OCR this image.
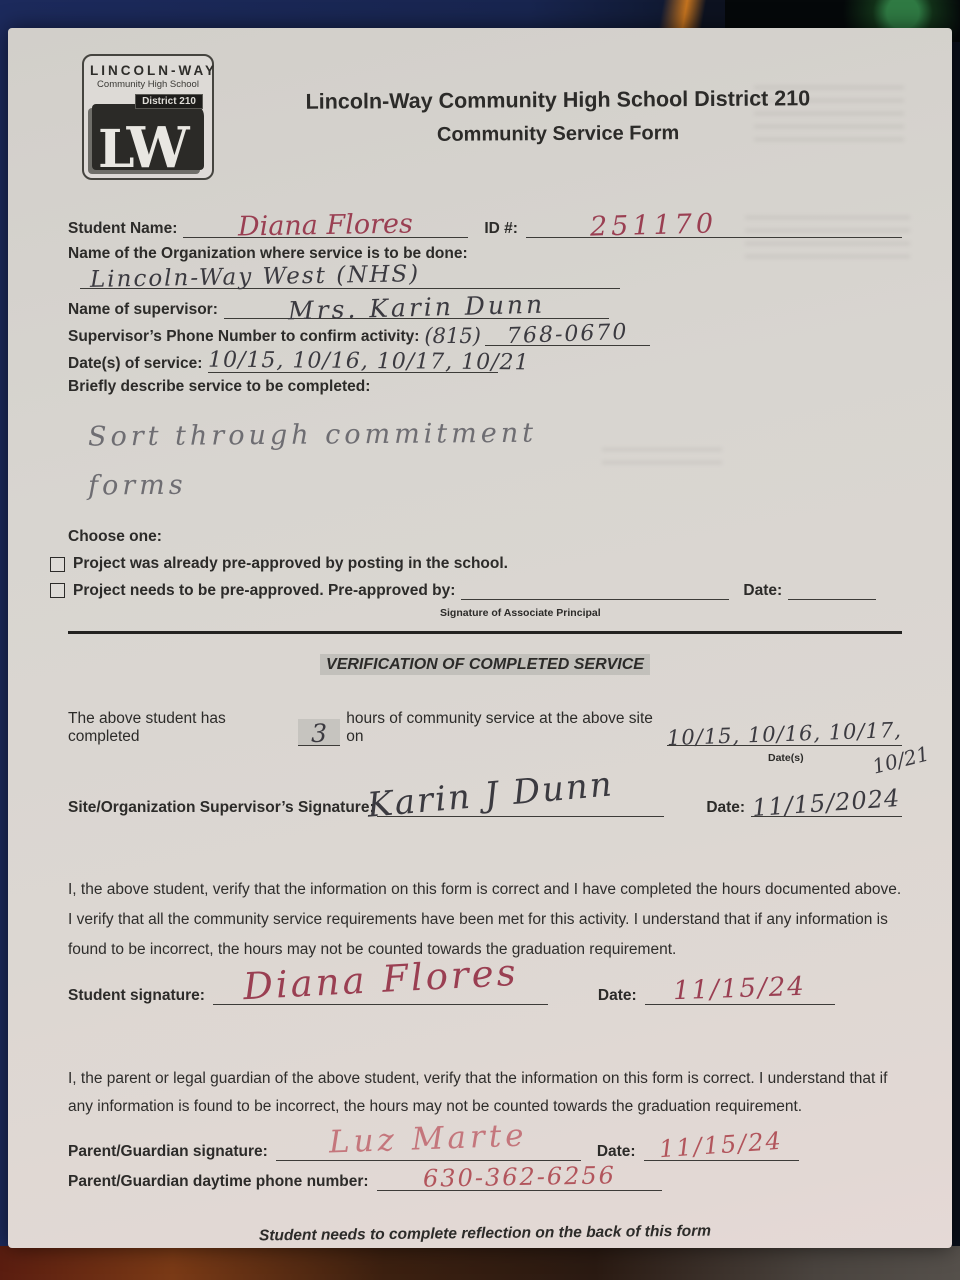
LINCOLN-WAY
Community High School
District 210
LW
Lincoln-Way Community High School District 210
Community Service Form
Student Name:	Diana Flores	ID #:	251170
Name of the Organization where service is to be done:
Lincoln-Way West (NHS)
Name of supervisor:	Mrs. Karin Dunn
Supervisor’s Phone Number to confirm activity: (815)	768-0670
Date(s) of service: 10/15, 10/16, 10/17, 10/21
Briefly describe service to be completed:
Sort through commitment
forms
Choose one:
Project was already pre-approved by posting in the school.
Project needs to be pre-approved. Pre-approved by:	Date:
Signature of Associate Principal
VERIFICATION OF COMPLETED SERVICE
The above student has completed	3
hours of community service at the above site on	10/15, 10/16, 10/17,
10/21
Date(s)
Site/Organization Supervisor’s Signature:
Karin J Dunn	Date: 11/15/2024
I, the above student, verify that the information on this form is correct and I have completed the hours documented above. I verify that all the community service requirements have been met for this activity. I understand that if any information is found to be incorrect, the hours may not be counted towards the graduation requirement.
Student signature: Diana Flores	Date:	11/15/24
I, the parent or legal guardian of the above student, verify that the information on this form is correct. I understand that if any information is found to be incorrect, the hours may not be counted towards the graduation requirement.
Parent/Guardian signature:	Luz Marte	Date: 11/15/24
Parent/Guardian daytime phone number:	630-362-6256
Student needs to complete reflection on the back of this form
